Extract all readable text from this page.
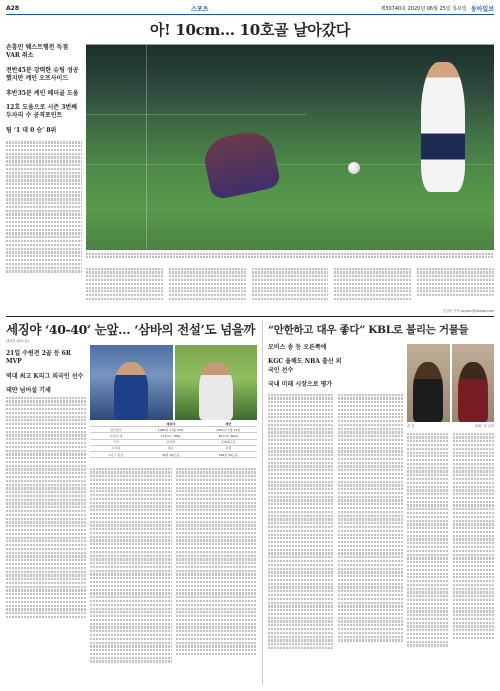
A28	스포츠	제30740호 2020년 06월 25일 목요일 동아일보
아! 10cm… 10호골 날아갔다
손흥민 웨스트햄전 득점 VAR 취소
전반45분 강력한 슈팅 성공했지만 케인 오프사이드
후반35분 케인 헤더골 도움
12호 도움으로 시즌 3번째 두자리 수 공격포인트
팀 ‘1 대 0 승’ 8위
김상윤 기자 ysyoon@donga.com
세징야 ‘40-40’ 눈앞… ‘삼바의 전설’도 넘을까
(40골 30도움)
21일 수원전 2골 등 6R MVP
역대 최고 K리그 외국인 선수
데얀 넘어설 기세
세징야	데얀
생년월일	1989년 11월 29일	1981년 7월 17일
키/몸무게	177cm, 78kg	187cm, 80kg
국적	브라질	몬테네그로
소속팀	대구	수원
K리그 통산	40골 30도움	189골 45도움
“안한하고 대우 좋다” KBL로 불리는 거물들
모비스 송 등 오른쪽에
KGC 올해도 NBA 출신 외국인 선수
국내 미래 시장으로 평가
숀 롱	KGC 얼 클락
